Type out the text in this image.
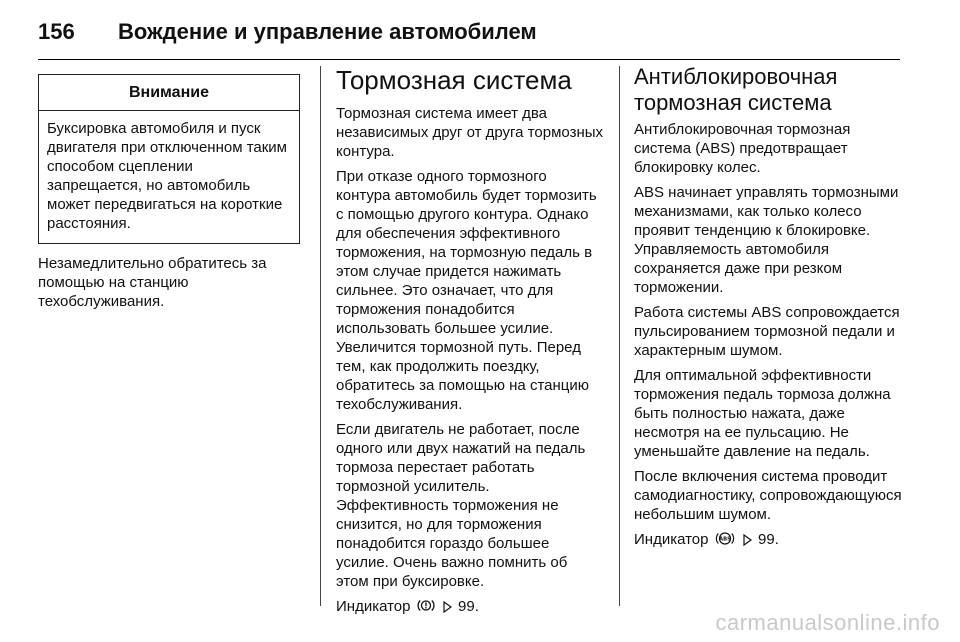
156	Вождение и управление автомобилем
Внимание
Буксировка автомобиля и пуск двигателя при отключенном таким способом сцеплении запрещается, но автомобиль может передвигаться на короткие расстояния.

Незамедлительно обратитесь за помощью на станцию техобслуживания.

Тормозная система

Тормозная система имеет два независимых друг от друга тормозных контура.

При отказе одного тормозного контура автомобиль будет тормозить с помощью другого контура. Однако для обеспечения эффективного торможения, на тормозную педаль в этом случае придется нажимать сильнее. Это означает, что для торможения понадобится использовать большее усилие. Увеличится тормозной путь. Перед тем, как продолжить поездку, обратитесь за помощью на станцию техобслуживания.

Если двигатель не работает, после одного или двух нажатий на педаль тормоза перестает работать тормозной усилитель. Эффективность торможения не снизится, но для торможения понадобится гораздо большее усилие. Очень важно помнить об этом при буксировке.

Индикатор ! 99.

Антиблокировочная тормозная система

Антиблокировочная тормозная система (ABS) предотвращает блокировку колес.

ABS начинает управлять тормозными механизмами, как только колесо проявит тенденцию к блокировке. Управляемость автомобиля сохраняется даже при резком торможении.

Работа системы ABS сопровождается пульсированием тормозной педали и характерным шумом.

Для оптимальной эффективности торможения педаль тормоза должна быть полностью нажата, даже несмотря на ее пульсацию. Не уменьшайте давление на педаль.

После включения система проводит самодиагностику, сопровождающуюся небольшим шумом.

Индикатор ABS 99.

carmanualsonline.info
